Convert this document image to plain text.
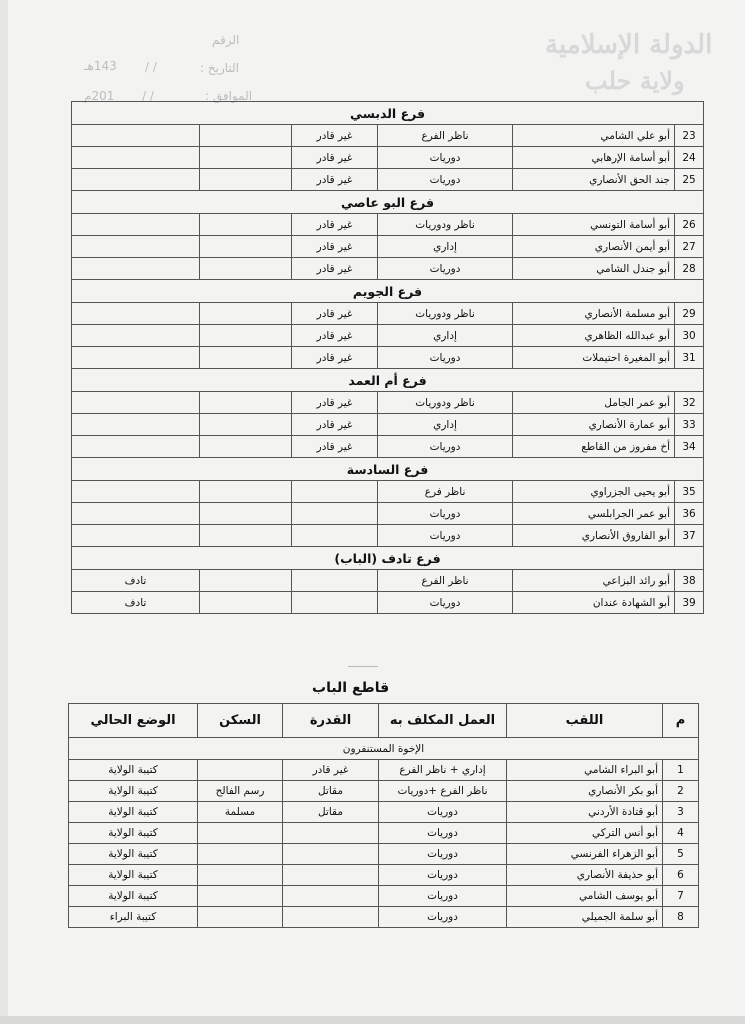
الرقم
التاريخ :
/ /
143هـ
الموافق :
/ /
201م
الدولة الإسلامية
ولاية حلب
فرع الدبسي					
23	أبو علي الشامي	ناظر الفرع	غير قادر		
24	أبو أسامة الإرهابي	دوريات	غير قادر		
25	جند الحق الأنصاري	دوريات	غير قادر		
فرع البو عاصي					
26	أبو أسامة التونسي	ناظر ودوريات	غير قادر		
27	أبو أيمن الأنصاري	إداري	غير قادر		
28	أبو جندل الشامي	دوريات	غير قادر		
فرع الجويم					
29	أبو مسلمة الأنصاري	ناظر ودوريات	غير قادر		
30	أبو عبدالله الظاهري	إداري	غير قادر		
31	أبو المغيرة احتيملات	دوريات	غير قادر		
فرع أم العمد					
32	أبو عمر الجامل	ناظر ودوريات	غير قادر		
33	أبو عمارة الأنصاري	إداري	غير قادر		
34	أخ مفروز من القاطع	دوريات	غير قادر		
فرع السادسة					
35	أبو يحيى الجزراوي	ناظر فرع			
36	أبو عمر الجرابلسي	دوريات			
37	أبو الفاروق الأنصاري	دوريات			
فرع تادف (الباب)					
38	أبو رائد البزاعي	ناظر الفرع			تادف
39	أبو الشهادة عندان	دوريات			تادف
قاطع الباب
م	اللقب	العمل المكلف به	القدرة	السكن	الوضع الحالي
الإخوة المستنفرون					
1	أبو البراء الشامي	إداري + ناظر الفرع	غير قادر		كتيبة الولاية
2	أبو بكر الأنصاري	ناظر الفرع +دوريات	مقاتل	رسم الفالح	كتيبة الولاية
3	أبو قتادة الأردني	دوريات	مقاتل	مسلمة	كتيبة الولاية
4	أبو أنس التركي	دوريات			كتيبة الولاية
5	أبو الزهراء الفرنسي	دوريات			كتيبة الولاية
6	أبو حذيفة الأنصاري	دوريات			كتيبة الولاية
7	أبو يوسف الشامي	دوريات			كتيبة الولاية
8	أبو سلمة الجميلي	دوريات			كتيبة البراء
